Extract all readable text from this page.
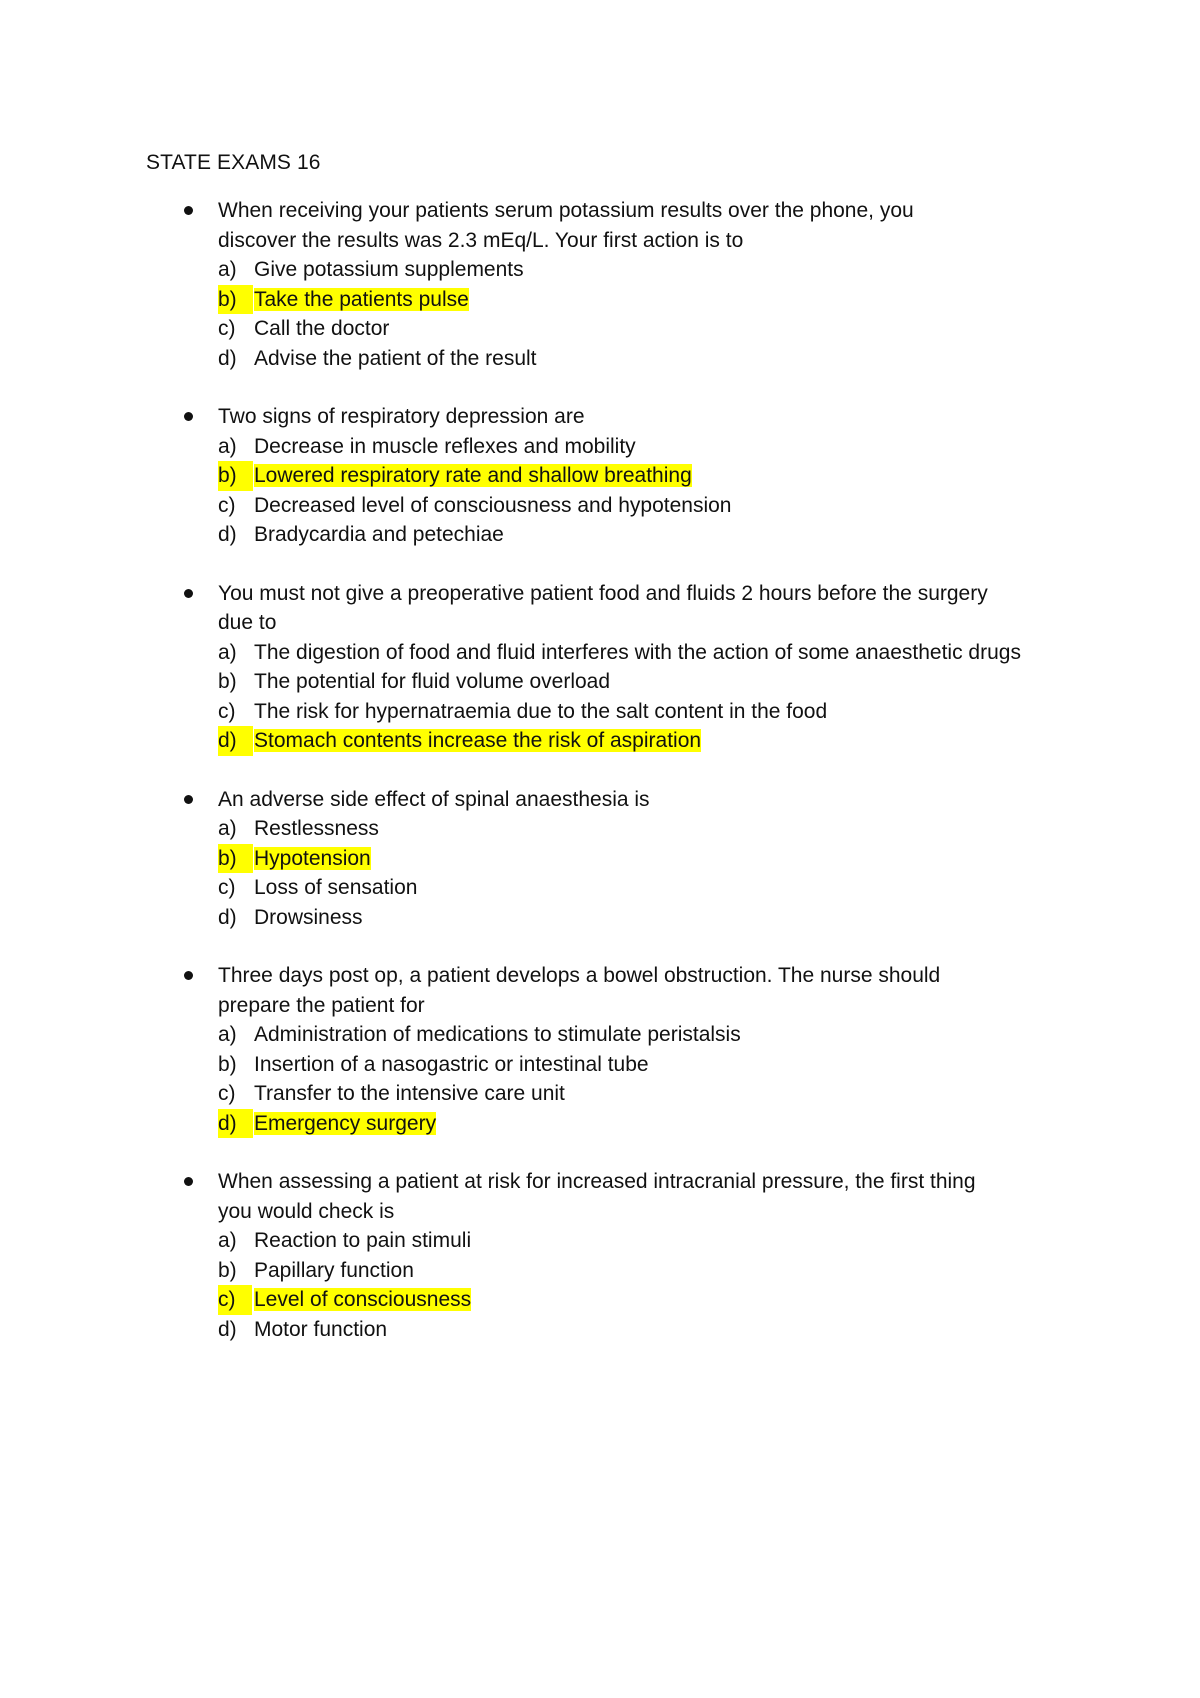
STATE EXAMS 16
When receiving your patients serum potassium results over the phone, you
discover the results was 2.3 mEq/L. Your first action is to
a) Give potassium supplements
b) Take the patients pulse
c) Call the doctor
d) Advise the patient of the result
Two signs of respiratory depression are
a) Decrease in muscle reflexes and mobility
b) Lowered respiratory rate and shallow breathing
c) Decreased level of consciousness and hypotension
d) Bradycardia and petechiae
You must not give a preoperative patient food and fluids 2 hours before the surgery
due to
a) The digestion of food and fluid interferes with the action of some anaesthetic drugs
b) The potential for fluid volume overload
c) The risk for hypernatraemia due to the salt content in the food
d) Stomach contents increase the risk of aspiration
An adverse side effect of spinal anaesthesia is
a) Restlessness
b) Hypotension
c) Loss of sensation
d) Drowsiness
Three days post op, a patient develops a bowel obstruction. The nurse should
prepare the patient for
a) Administration of medications to stimulate peristalsis
b) Insertion of a nasogastric or intestinal tube
c) Transfer to the intensive care unit
d) Emergency surgery
When assessing a patient at risk for increased intracranial pressure, the first thing
you would check is
a) Reaction to pain stimuli
b) Papillary function
c) Level of consciousness
d) Motor function
